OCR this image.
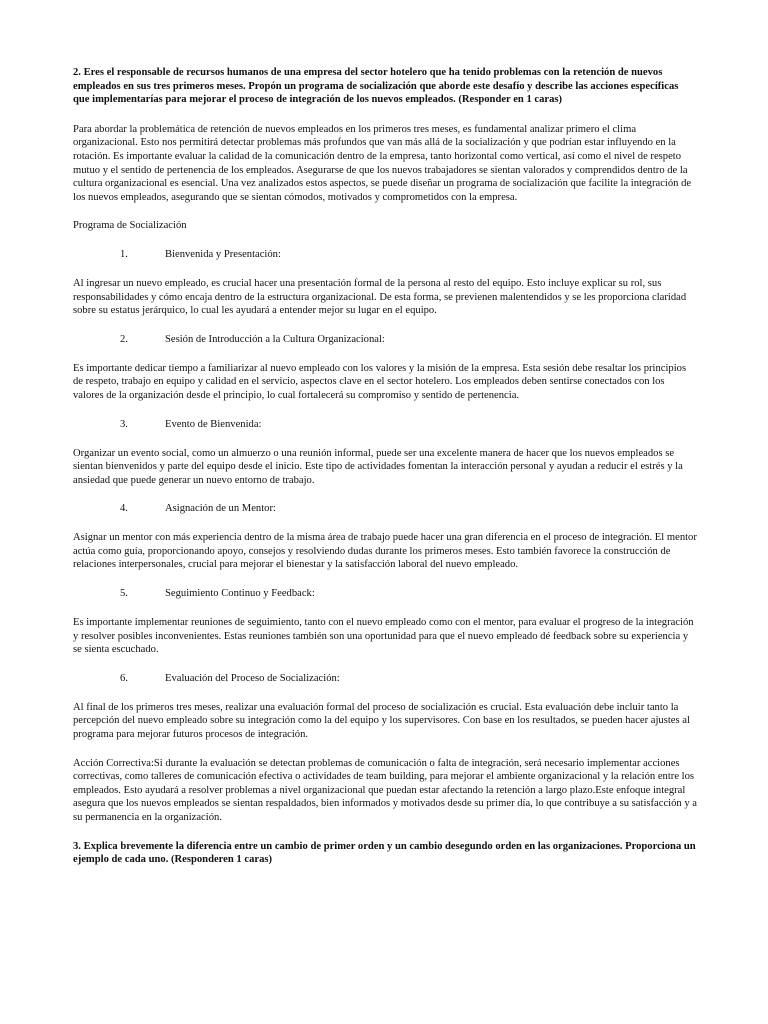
2. Eres el responsable de recursos humanos de una empresa del sector hotelero que ha tenido problemas con la retención de nuevos empleados en sus tres primeros meses. Propón un programa de socialización que aborde este desafío y describe las acciones específicas que implementarías para mejorar el proceso de integración de los nuevos empleados. (Responder en 1 caras)

Para abordar la problemática de retención de nuevos empleados en los primeros tres meses, es fundamental analizar primero el clima organizacional. Esto nos permitirá detectar problemas más profundos que van más allá de la socialización y que podrían estar influyendo en la rotación. Es importante evaluar la calidad de la comunicación dentro de la empresa, tanto horizontal como vertical, así como el nivel de respeto mutuo y el sentido de pertenencia de los empleados. Asegurarse de que los nuevos trabajadores se sientan valorados y comprendidos dentro de la cultura organizacional es esencial. Una vez analizados estos aspectos, se puede diseñar un programa de socialización que facilite la integración de los nuevos empleados, asegurando que se sientan cómodos, motivados y comprometidos con la empresa.

Programa de Socialización

1.	Bienvenida y Presentación:

Al ingresar un nuevo empleado, es crucial hacer una presentación formal de la persona al resto del equipo. Esto incluye explicar su rol, sus responsabilidades y cómo encaja dentro de la estructura organizacional. De esta forma, se previenen malentendidos y se les proporciona claridad sobre su estatus jerárquico, lo cual les ayudará a entender mejor su lugar en el equipo.

2.	Sesión de Introducción a la Cultura Organizacional:

Es importante dedicar tiempo a familiarizar al nuevo empleado con los valores y la misión de la empresa. Esta sesión debe resaltar los principios de respeto, trabajo en equipo y calidad en el servicio, aspectos clave en el sector hotelero. Los empleados deben sentirse conectados con los valores de la organización desde el principio, lo cual fortalecerá su compromiso y sentido de pertenencia.

3.	Evento de Bienvenida:

Organizar un evento social, como un almuerzo o una reunión informal, puede ser una excelente manera de hacer que los nuevos empleados se sientan bienvenidos y parte del equipo desde el inicio. Este tipo de actividades fomentan la interacción personal y ayudan a reducir el estrés y la ansiedad que puede generar un nuevo entorno de trabajo.

4.	Asignación de un Mentor:

Asignar un mentor con más experiencia dentro de la misma área de trabajo puede hacer una gran diferencia en el proceso de integración. El mentor actúa como guía, proporcionando apoyo, consejos y resolviendo dudas durante los primeros meses. Esto también favorece la construcción de relaciones interpersonales, crucial para mejorar el bienestar y la satisfacción laboral del nuevo empleado.

5.	Seguimiento Continuo y Feedback:

Es importante implementar reuniones de seguimiento, tanto con el nuevo empleado como con el mentor, para evaluar el progreso de la integración y resolver posibles inconvenientes. Estas reuniones también son una oportunidad para que el nuevo empleado dé feedback sobre su experiencia y se sienta escuchado.

6.	Evaluación del Proceso de Socialización:

Al final de los primeros tres meses, realizar una evaluación formal del proceso de socialización es crucial. Esta evaluación debe incluir tanto la percepción del nuevo empleado sobre su integración como la del equipo y los supervisores. Con base en los resultados, se pueden hacer ajustes al programa para mejorar futuros procesos de integración.

Acción Correctiva:Si durante la evaluación se detectan problemas de comunicación o falta de integración, será necesario implementar acciones correctivas, como talleres de comunicación efectiva o actividades de team building, para mejorar el ambiente organizacional y la relación entre los empleados. Esto ayudará a resolver problemas a nivel organizacional que puedan estar afectando la retención a largo plazo.Este enfoque integral asegura que los nuevos empleados se sientan respaldados, bien informados y motivados desde su primer día, lo que contribuye a su satisfacción y a su permanencia en la organización.

3. Explica brevemente la diferencia entre un cambio de primer orden y un cambio desegundo orden en las organizaciones. Proporciona un ejemplo de cada uno. (Responderen 1 caras)
